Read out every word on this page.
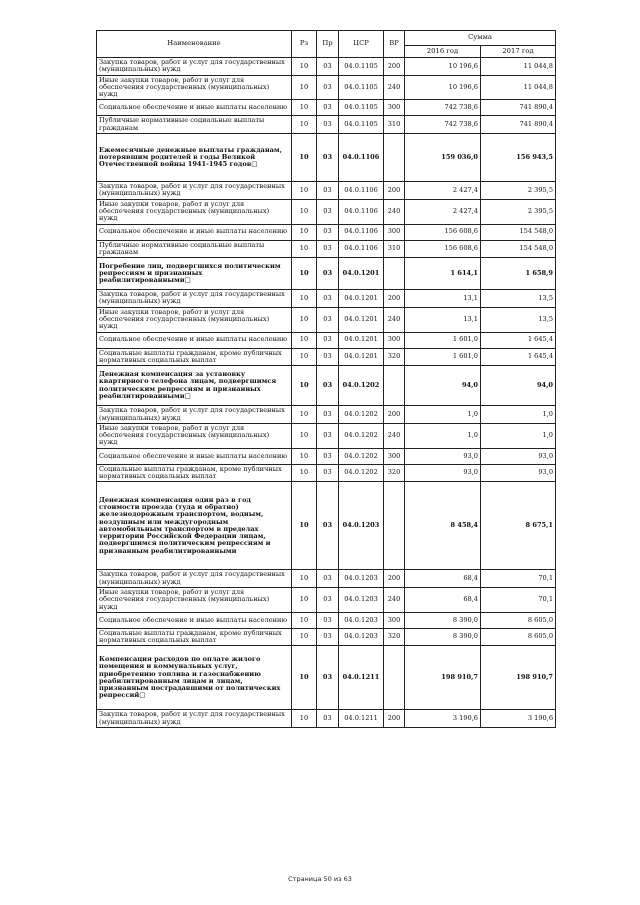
Наименование	Рз	Пр	ЦСР	ВР	Сумма	
					2016 год	2017 год
Закупка товаров, работ и услуг для государственных (муниципальных) нужд	10	03	04.0.1105	200	10 196,6	11 044,8
Иные закупки товаров, работ и услуг для обеспечения государственных (муниципальных) нужд	10	03	04.0.1105	240	10 196,6	11 044,8
Социальное обеспечение и иные выплаты населению	10	03	04.0.1105	300	742 738,6	741 890,4
Публичные нормативные социальные выплаты гражданам	10	03	04.0.1105	310	742 738,6	741 890,4
Ежемесячные денежные выплаты гражданам, потерявшим родителей в годы Великой Отечественной войны 1941-1945 годов□	10	03	04.0.1106		159 036,0	156 943,5
Закупка товаров, работ и услуг для государственных (муниципальных) нужд	10	03	04.0.1106	200	2 427,4	2 395,5
Иные закупки товаров, работ и услуг для обеспечения государственных (муниципальных) нужд	10	03	04.0.1106	240	2 427,4	2 395,5
Социальное обеспечение и иные выплаты населению	10	03	04.0.1106	300	156 608,6	154 548,0
Публичные нормативные социальные выплаты гражданам	10	03	04.0.1106	310	156 608,6	154 548,0
Погребение лиц, подвергшихся политическим репрессиям и признанных реабилитированными□	10	03	04.0.1201		1 614,1	1 658,9
Закупка товаров, работ и услуг для государственных (муниципальных) нужд	10	03	04.0.1201	200	13,1	13,5
Иные закупки товаров, работ и услуг для обеспечения государственных (муниципальных) нужд	10	03	04.0.1201	240	13,1	13,5
Социальное обеспечение и иные выплаты населению	10	03	04.0.1201	300	1 601,0	1 645,4
Социальные выплаты гражданам, кроме публичных нормативных социальных выплат	10	03	04.0.1201	320	1 601,0	1 645,4
Денежная компенсация за установку квартирного телефона лицам, подвергшимся политическим репрессиям и признанных реабилитированными□	10	03	04.0.1202		94,0	94,0
Закупка товаров, работ и услуг для государственных (муниципальных) нужд	10	03	04.0.1202	200	1,0	1,0
Иные закупки товаров, работ и услуг для обеспечения государственных (муниципальных) нужд	10	03	04.0.1202	240	1,0	1,0
Социальное обеспечение и иные выплаты населению	10	03	04.0.1202	300	93,0	93,0
Социальные выплаты гражданам, кроме публичных нормативных социальных выплат	10	03	04.0.1202	320	93,0	93,0
Денежная компенсация один раз в год стоимости проезда (туда и обратно) железнодорожным транспортом, водным, воздушным или междугородным автомобильным транспортом в пределах территории Российской Федерации лицам, подвергшимся политическим репрессиям и признанным реабилитированными	10	03	04.0.1203		8 458,4	8 675,1
Закупка товаров, работ и услуг для государственных (муниципальных) нужд	10	03	04.0.1203	200	68,4	70,1
Иные закупки товаров, работ и услуг для обеспечения государственных (муниципальных) нужд	10	03	04.0.1203	240	68,4	70,1
Социальное обеспечение и иные выплаты населению	10	03	04.0.1203	300	8 390,0	8 605,0
Социальные выплаты гражданам, кроме публичных нормативных социальных выплат	10	03	04.0.1203	320	8 390,0	8 605,0
Компенсация расходов по оплате жилого помещения и коммунальных услуг, приобретению топлива и газоснабжению реабилитированным лицам и лицам, признанным пострадавшими от политических репрессий□	10	03	04.0.1211		198 910,7	198 910,7
Закупка товаров, работ и услуг для государственных (муниципальных) нужд	10	03	04.0.1211	200	3 190,6	3 190,6
Страница 50 из 63
